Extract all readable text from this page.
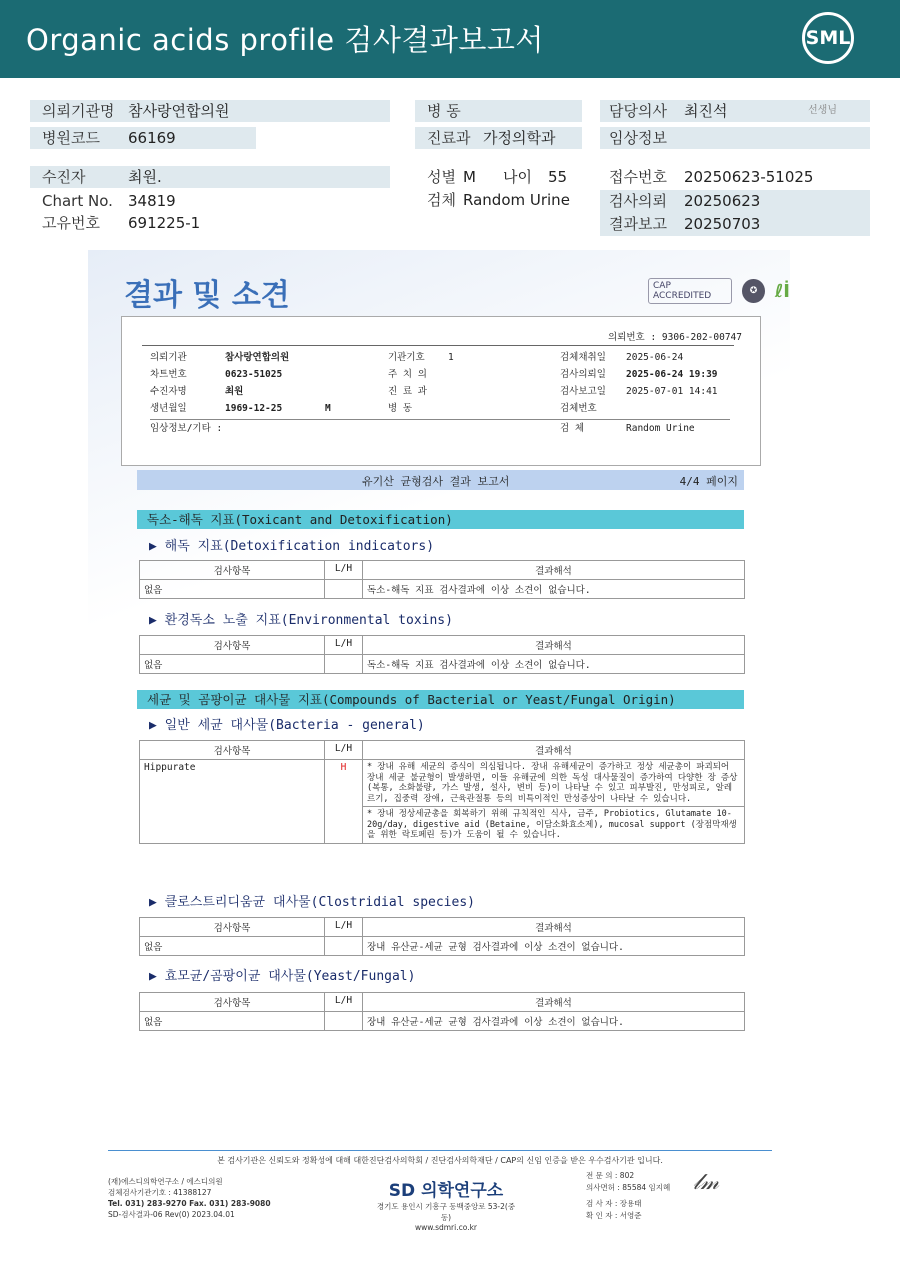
Organic acids profile 검사결과보고서	SML
의뢰기관명 참사랑연합의원
병원코드 66169
병 동
진료과 가정의학과
담당의사 최진석	선생님
임상정보
수진자	최원.
Chart No. 34819
고유번호 691225-1
성별 M 나이 55
검체 Random Urine
접수번호 20250623-51025
검사의뢰 20250623
결과보고 20250703
결과 및 소견	CAP ACCREDITED	✪ ℓİ
의뢰번호 : 9306-202-00747
의뢰기관	참사랑연합의원	기관기호 1	검체채취일 2025-06-24
차트번호	0623-51025	주 치 의	검사의뢰일 2025-06-24 19:39
수진자명	최원	진 료 과	검사보고일 2025-07-01 14:41
생년월일	1969-12-25	M	병 동	검체번호
임상정보/기타 :	검 체	Random Urine
유기산 균형검사 결과 보고서	4/4 페이지
독소-해독 지표(Toxicant and Detoxification)
▶ 해독 지표(Detoxification indicators)
검사항목	L/H	결과해석
없음		독소-해독 지표 검사결과에 이상 소견이 없습니다.
▶ 환경독소 노출 지표(Environmental toxins)
검사항목	L/H	결과해석
없음		독소-해독 지표 검사결과에 이상 소견이 없습니다.
세균 및 곰팡이균 대사물 지표(Compounds of Bacterial or Yeast/Fungal Origin)
▶ 일반 세균 대사물(Bacteria - general)
검사항목	L/H	결과해석
Hippurate	H	* 장내 유해 세균의 증식이 의심됩니다. 장내 유해세균이 증가하고 정상 세균총이 파괴되어 장내 세균 불균형이 발생하면, 이들 유해균에 의한 독성 대사물질이 증가하여 다양한 장 증상(복통, 소화불량, 가스 발생, 설사, 변비 등)이 나타날 수 있고 피부발진, 만성피로, 알레르기, 집중력 장애, 근육관절통 등의 비특이적인 만성증상이 나타날 수 있습니다.
		* 장내 정상세균총을 회복하기 위해 규칙적인 식사, 금주, Probiotics, Glutamate 10-20g/day, digestive aid (Betaine, 이담소화효소제), mucosal support (장점막재생을 위한 락토페린 등)가 도움이 될 수 있습니다.
▶ 클로스트리디움균 대사물(Clostridial species)
검사항목	L/H	결과해석
없음		장내 유산균-세균 균형 검사결과에 이상 소견이 없습니다.
▶ 효모균/곰팡이균 대사물(Yeast/Fungal)
검사항목	L/H	결과해석
없음		장내 유산균-세균 균형 검사결과에 이상 소견이 없습니다.
본 검사기관은 신뢰도와 정확성에 대해 대한진단검사의학회 / 진단검사의학재단 / CAP의 신임 인증을 받은 우수검사기관 입니다.
(재)에스디의학연구소 / 에스디의원
검체검사기관기호 : 41388127
Tel. 031) 283-9270 Fax. 031) 283-9080
SD-검사결과-06 Rev(0) 2023.04.01
SD 의학연구소
경기도 용인시 기흥구 동백중앙로 53-2(중동)
www.sdmri.co.kr
전 문 의 : 802
의사면허 : 85584 임지혜
검 사 자 : 장용태
확 인 자 : 서영준
𝓁𝓂
